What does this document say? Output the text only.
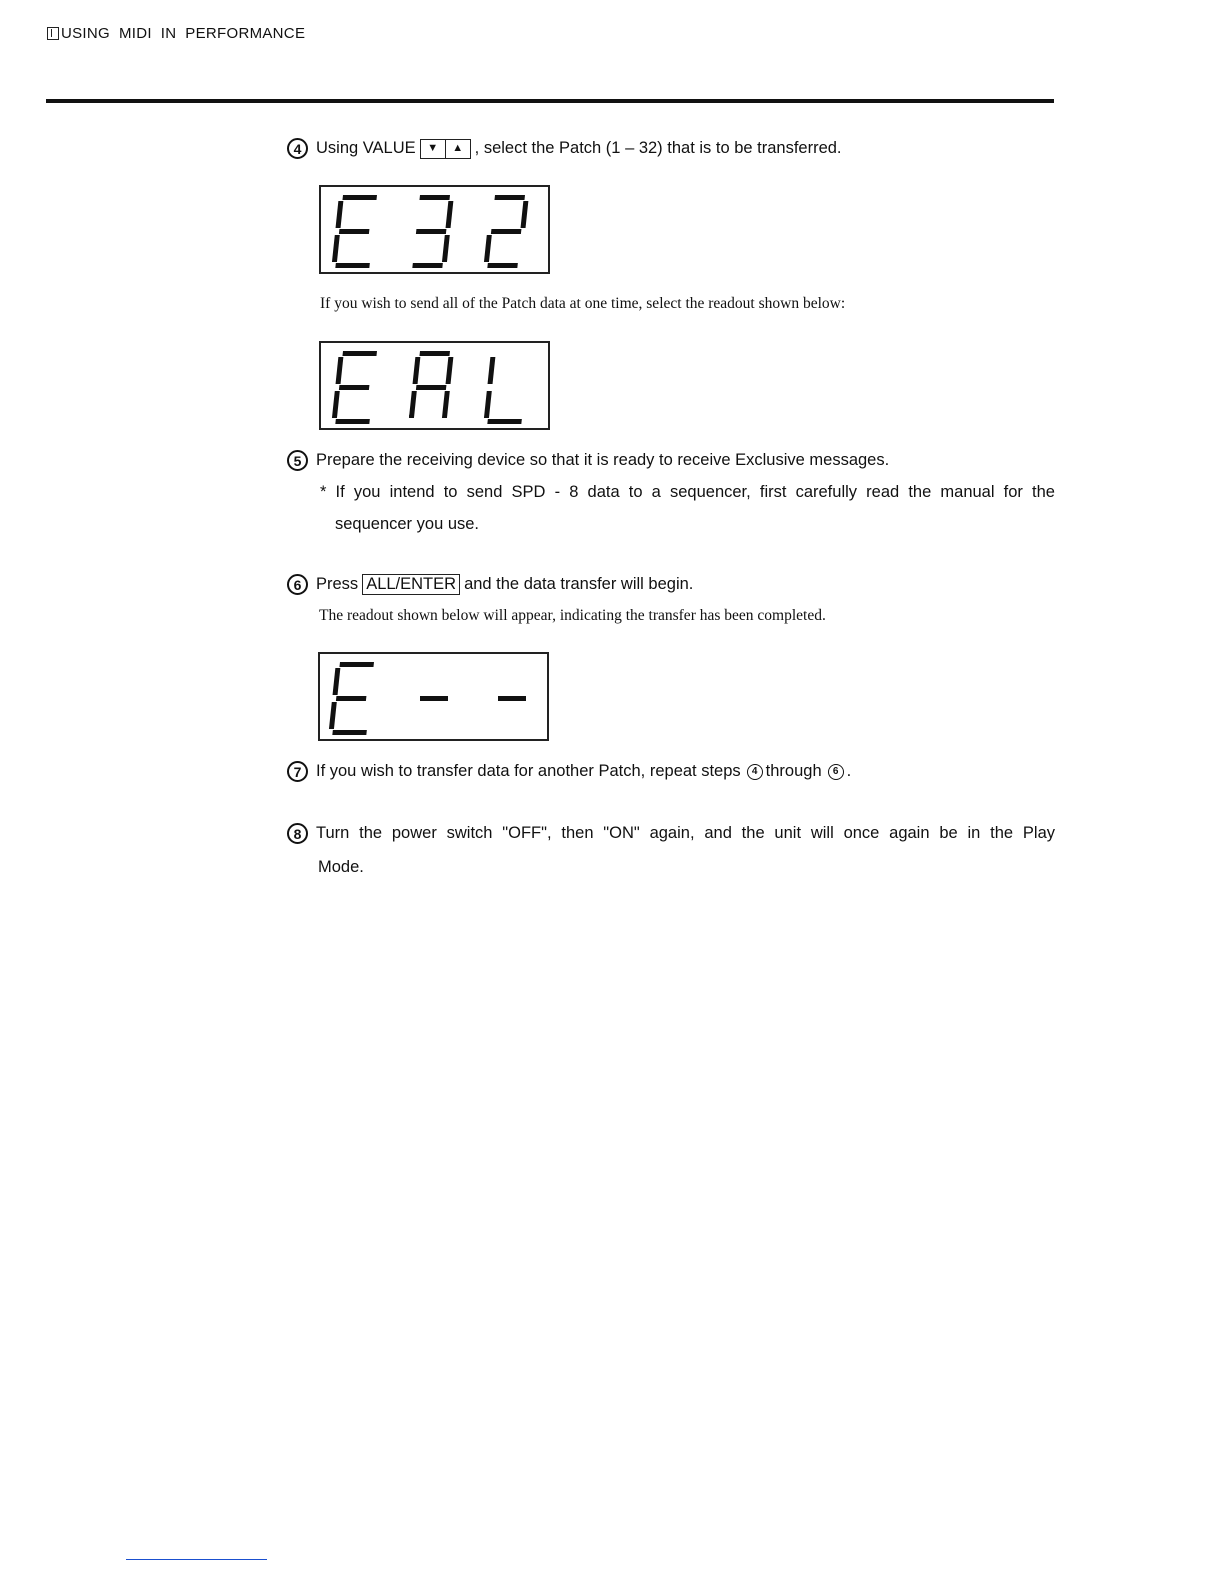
USING  MIDI  IN  PERFORMANCE
4 Using VALUE	▼	▲ , select the Patch (1 – 32) that is to be transferred.
If you wish to send all of the Patch data at one time, select the readout shown below:
5 Prepare the receiving device so that it is ready to receive Exclusive messages.
* If you intend to send SPD - 8 data to a sequencer, first carefully read the manual for the
sequencer you use.
6 Press ALL/ENTER and the data transfer will begin.
The readout shown below will appear, indicating the transfer has been completed.
7 If you wish to transfer data for another Patch, repeat steps	4 through	6 .
8 Turn the power switch "OFF", then "ON" again, and the unit will once again be in the Play
Mode.
